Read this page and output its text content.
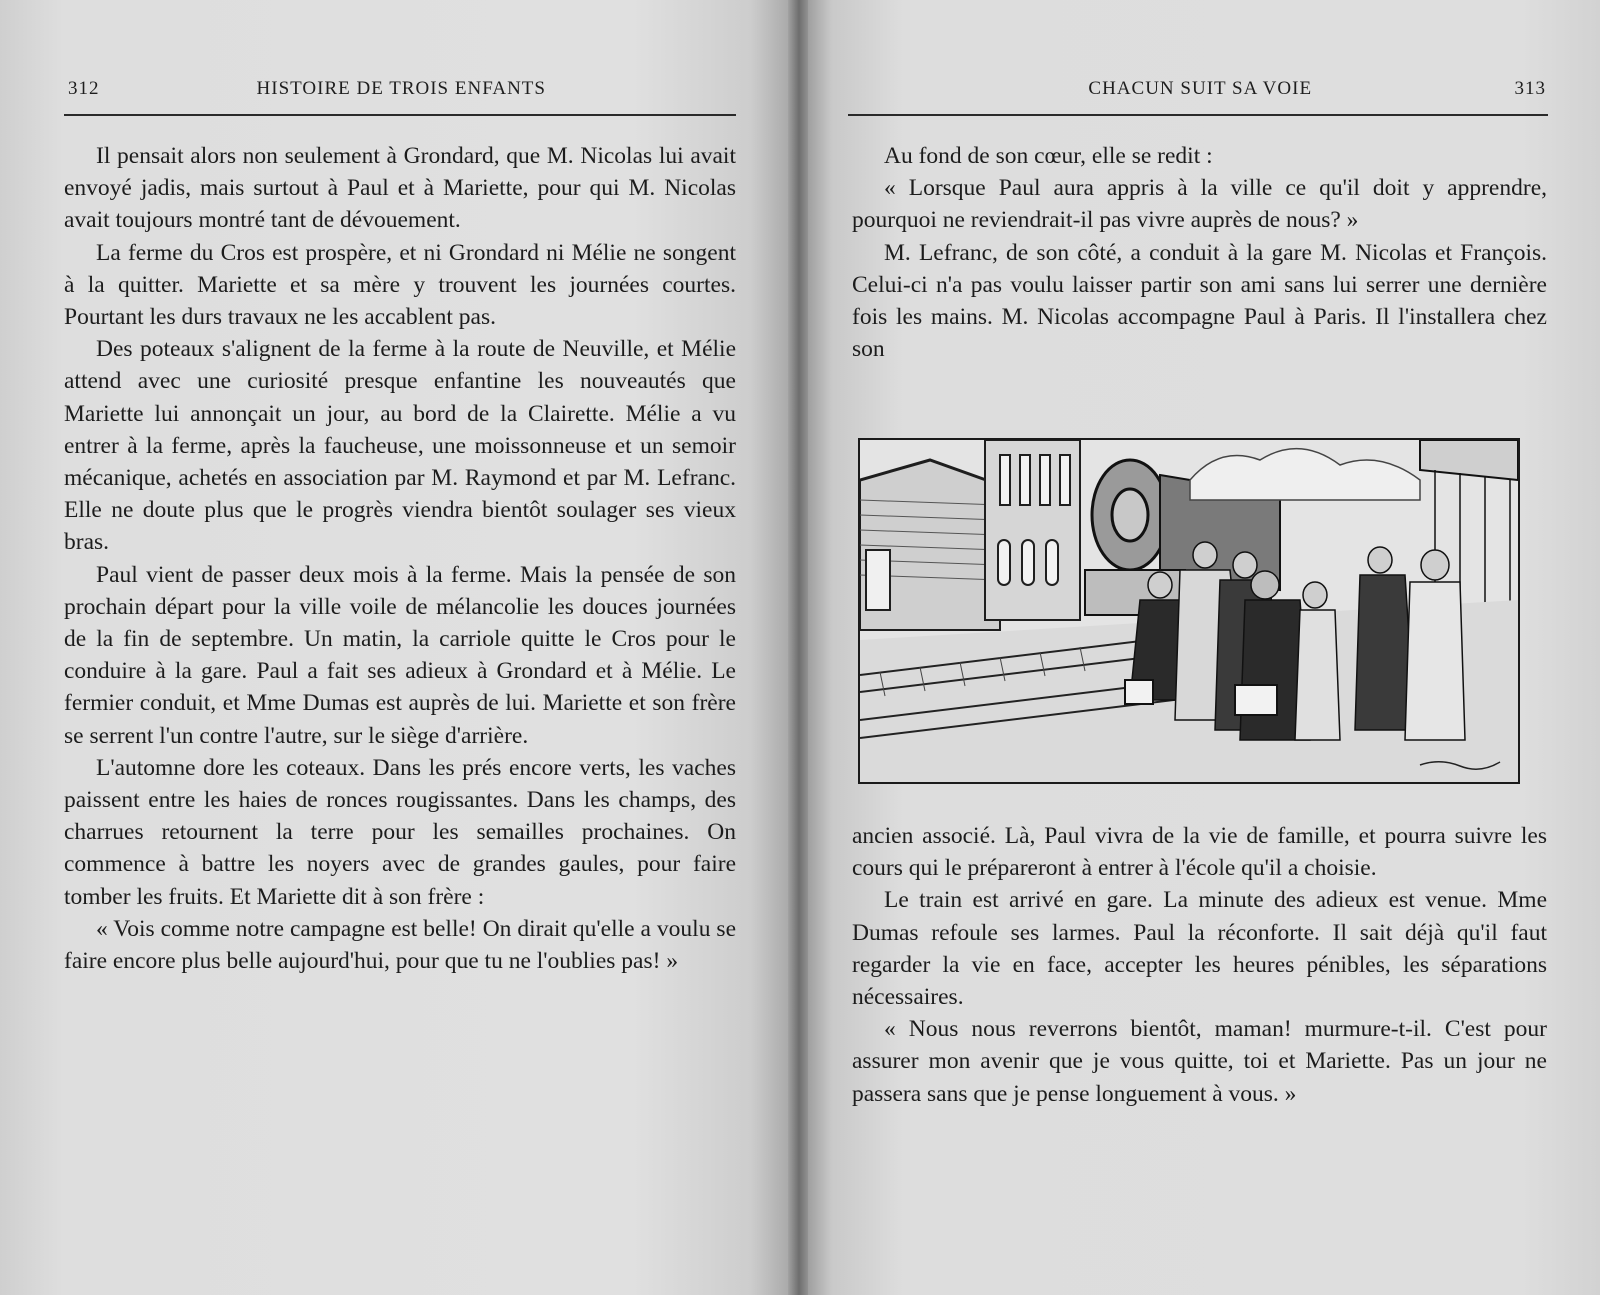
312	HISTOIRE DE TROIS ENFANTS

Il pensait alors non seulement à Grondard, que M. Nicolas lui avait envoyé jadis, mais surtout à Paul et à Mariette, pour qui M. Nicolas avait toujours montré tant de dévouement.

La ferme du Cros est prospère, et ni Grondard ni Mélie ne songent à la quitter. Mariette et sa mère y trouvent les journées courtes. Pourtant les durs travaux ne les accablent pas.

Des poteaux s'alignent de la ferme à la route de Neuville, et Mélie attend avec une curiosité presque enfantine les nouveautés que Mariette lui annonçait un jour, au bord de la Clairette. Mélie a vu entrer à la ferme, après la faucheuse, une moissonneuse et un semoir mécanique, achetés en association par M. Raymond et par M. Lefranc. Elle ne doute plus que le progrès viendra bientôt soulager ses vieux bras.

Paul vient de passer deux mois à la ferme. Mais la pensée de son prochain départ pour la ville voile de mélancolie les douces journées de la fin de septembre. Un matin, la carriole quitte le Cros pour le conduire à la gare. Paul a fait ses adieux à Grondard et à Mélie. Le fermier conduit, et Mme Dumas est auprès de lui. Mariette et son frère se serrent l'un contre l'autre, sur le siège d'arrière.

L'automne dore les coteaux. Dans les prés encore verts, les vaches paissent entre les haies de ronces rougissantes. Dans les champs, des charrues retournent la terre pour les semailles prochaines. On commence à battre les noyers avec de grandes gaules, pour faire tomber les fruits. Et Mariette dit à son frère :

« Vois comme notre campagne est belle! On dirait qu'elle a voulu se faire encore plus belle aujourd'hui, pour que tu ne l'oublies pas! »

CHACUN SUIT SA VOIE	313

Au fond de son cœur, elle se redit :

« Lorsque Paul aura appris à la ville ce qu'il doit y apprendre, pourquoi ne reviendrait-il pas vivre auprès de nous? »

M. Lefranc, de son côté, a conduit à la gare M. Nicolas et François. Celui-ci n'a pas voulu laisser partir son ami sans lui serrer une dernière fois les mains. M. Nicolas accompagne Paul à Paris. Il l'installera chez son

ancien associé. Là, Paul vivra de la vie de famille, et pourra suivre les cours qui le prépareront à entrer à l'école qu'il a choisie.

Le train est arrivé en gare. La minute des adieux est venue. Mme Dumas refoule ses larmes. Paul la réconforte. Il sait déjà qu'il faut regarder la vie en face, accepter les heures pénibles, les séparations nécessaires.

« Nous nous reverrons bientôt, maman! murmure-t-il. C'est pour assurer mon avenir que je vous quitte, toi et Mariette. Pas un jour ne passera sans que je pense longuement à vous. »
